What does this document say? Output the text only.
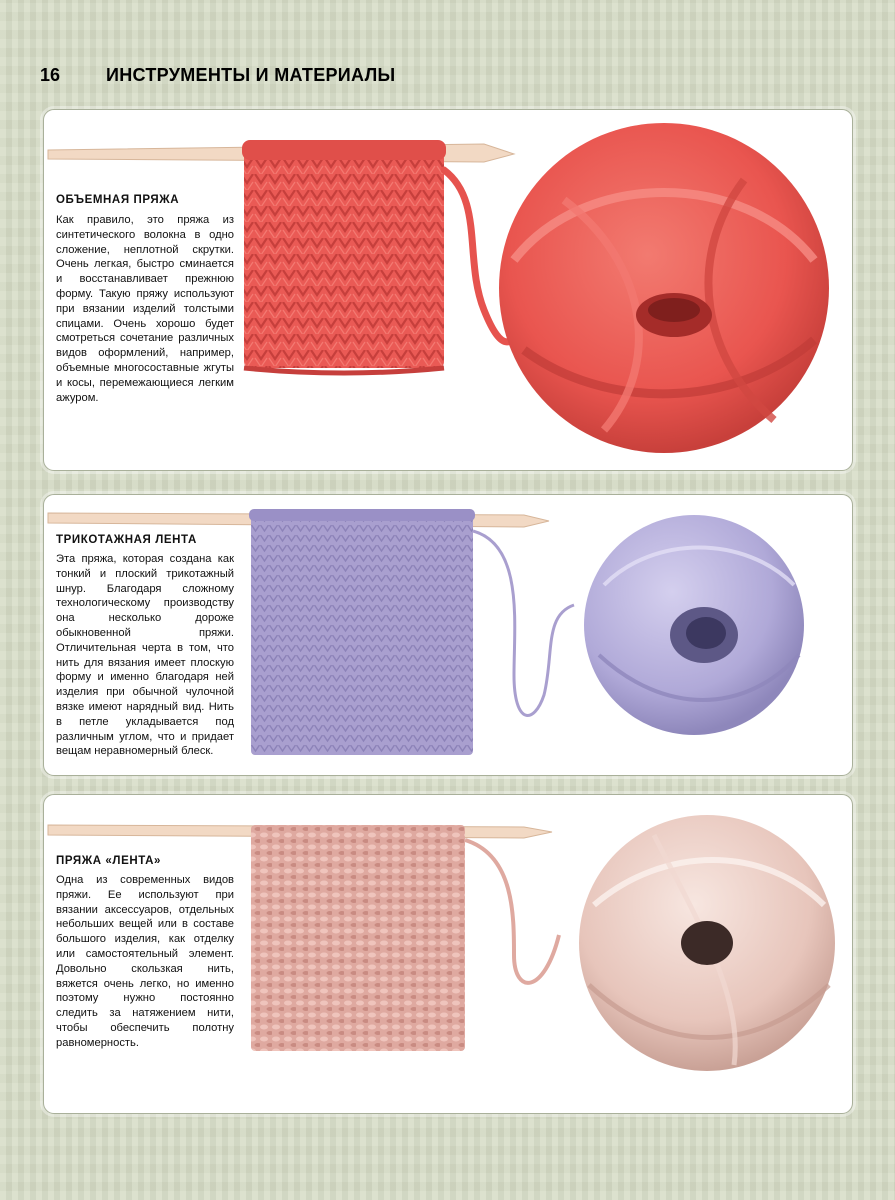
16	ИНСТРУМЕНТЫ И МАТЕРИАЛЫ
ОБЪЕМНАЯ ПРЯЖА
Как правило, это пряжа из синтетического волокна в одно сложение, неплотной скрутки. Очень легкая, быстро сминается и восстанавливает прежнюю форму. Такую пряжу используют при вязании изделий толстыми спицами. Очень хорошо будет смотреться сочетание различных видов оформлений, например, объемные многосоставные жгуты и косы, перемежающиеся легким ажуром.
ТРИКОТАЖНАЯ ЛЕНТА
Эта пряжа, которая создана как тонкий и плоский трикотажный шнур. Благодаря сложному технологическому производству она несколько дороже обыкновенной пряжи. Отличительная черта в том, что нить для вязания имеет плоскую форму и именно благодаря ней изделия при обычной чулочной вязке имеют нарядный вид. Нить в петле укладывается под различным углом, что и придает вещам неравномерный блеск.
ПРЯЖА «ЛЕНТА»
Одна из современных видов пряжи. Ее используют при вязании аксессуаров, отдельных небольших вещей или в составе большого изделия, как отделку или самостоятельный элемент. Довольно скользкая нить, вяжется очень легко, но именно поэтому нужно постоянно следить за натяжением нити, чтобы обеспечить полотну равномерность.
